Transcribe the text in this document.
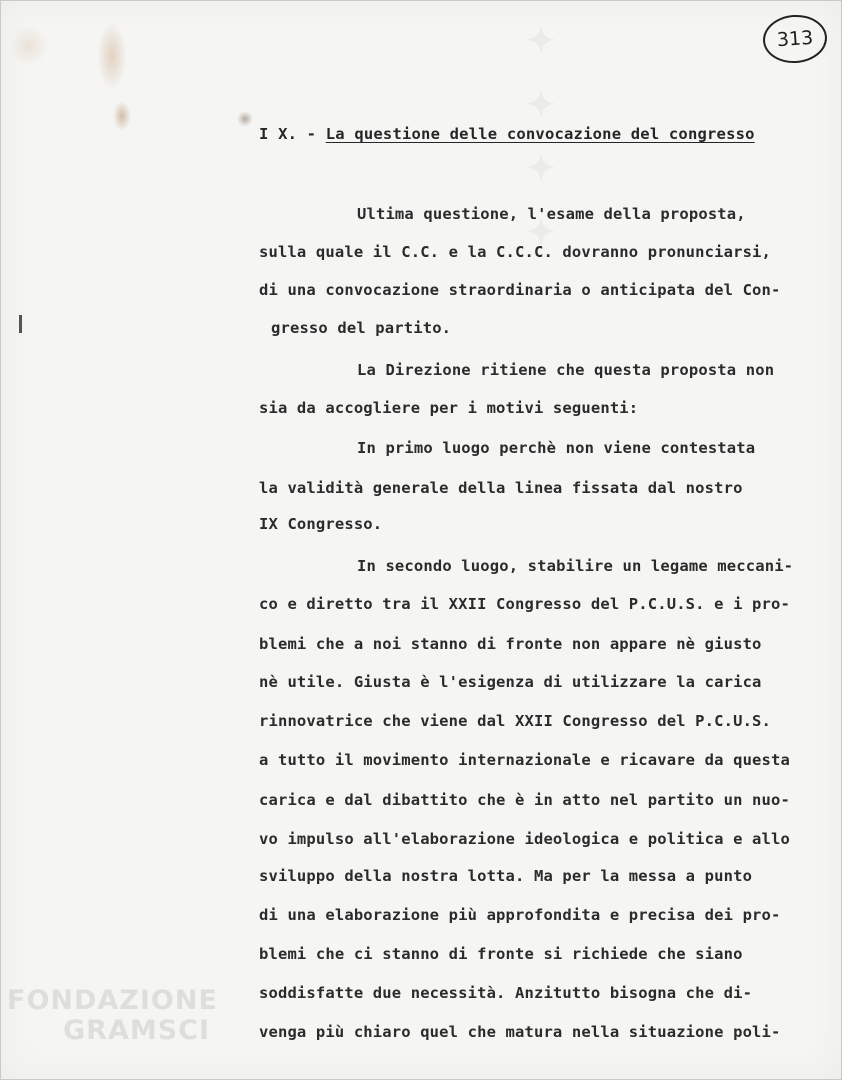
✦ ✦ ✦ ✦	313
I X. - La questione delle convocazione del congresso
Ultima questione, l'esame della proposta,
sulla quale il C.C. e la C.C.C. dovranno pronunciarsi,
di una convocazione straordinaria o anticipata del Con-
gresso del partito.
La Direzione ritiene che questa proposta non
sia da accogliere per i motivi seguenti:
In primo luogo perchè non viene contestata
la validità generale della linea fissata dal nostro
IX Congresso.
In secondo luogo, stabilire un legame meccani-
co e diretto tra il XXII Congresso del P.C.U.S. e i pro-
blemi che a noi stanno di fronte non appare nè giusto
nè utile. Giusta è l'esigenza di utilizzare la carica
rinnovatrice che viene dal XXII Congresso del P.C.U.S.
a tutto il movimento internazionale e ricavare da questa
carica e dal dibattito che è in atto nel partito un nuo-
vo impulso all'elaborazione ideologica e politica e allo
sviluppo della nostra lotta. Ma per la messa a punto
di una elaborazione più approfondita e precisa dei pro-
blemi che ci stanno di fronte si richiede che siano
soddisfatte due necessità. Anzitutto bisogna che di-
venga più chiaro quel che matura nella situazione poli-
FONDAZIONE
GRAMSCI
